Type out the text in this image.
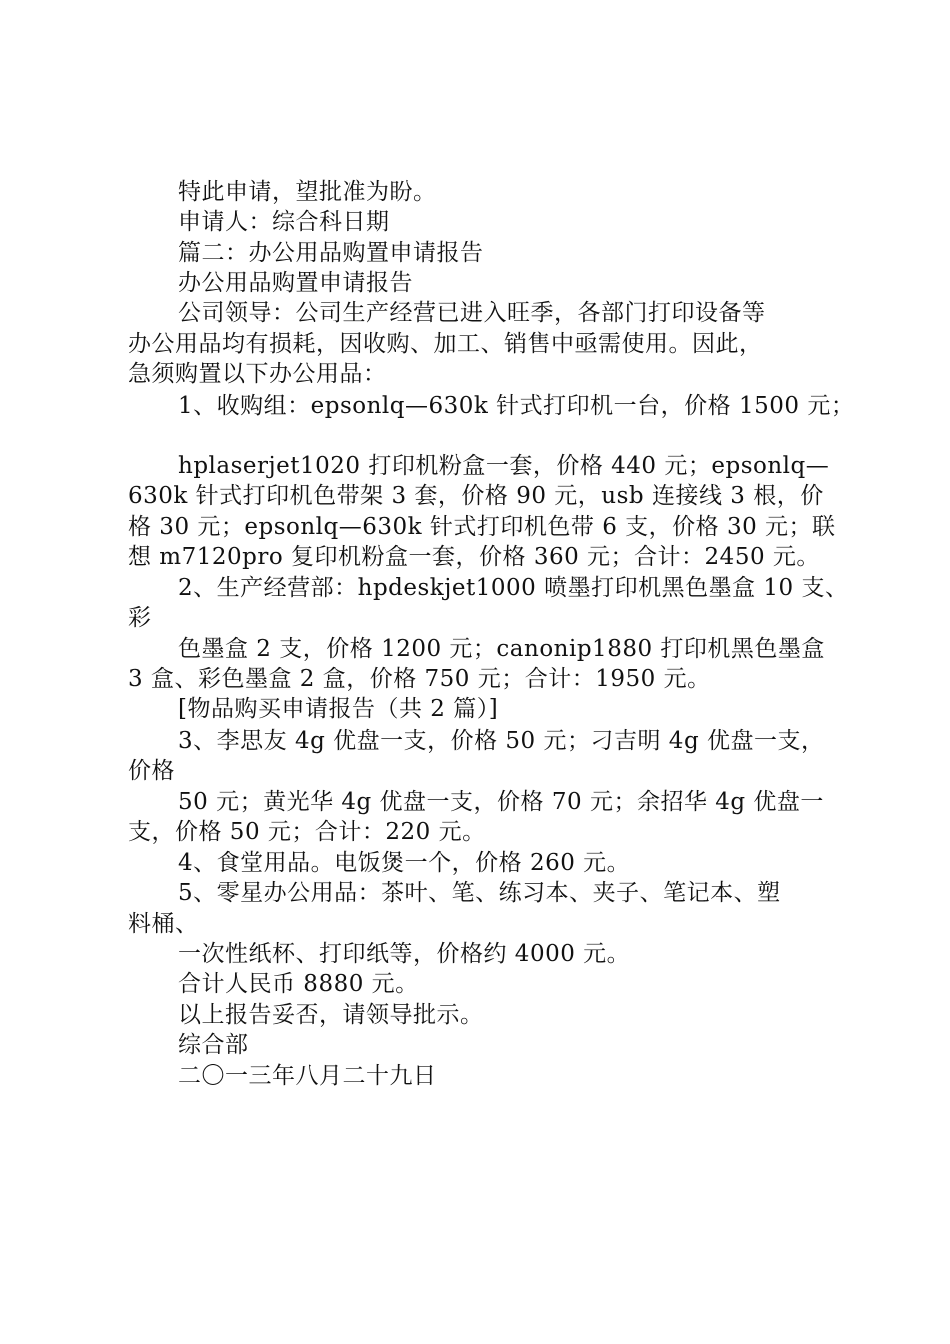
特此申请，望批准为盼。
申请人：综合科日期
篇二：办公用品购置申请报告
办公用品购置申请报告
公司领导：公司生产经营已进入旺季，各部门打印设备等
办公用品均有损耗，因收购、加工、销售中亟需使用。因此，
急须购置以下办公用品：
1、收购组：epsonlq—630k 针式打印机一台，价格 1500 元；
hplaserjet1020 打印机粉盒一套，价格 440 元；epsonlq—
630k 针式打印机色带架 3 套，价格 90 元，usb 连接线 3 根，价
格 30 元；epsonlq—630k 针式打印机色带 6 支，价格 30 元；联
想 m7120pro 复印机粉盒一套，价格 360 元；合计：2450 元。
2、生产经营部：hpdeskjet1000 喷墨打印机黑色墨盒 10 支、
彩
色墨盒 2 支，价格 1200 元；canonip1880 打印机黑色墨盒
3 盒、彩色墨盒 2 盒，价格 750 元；合计：1950 元。
[物品购买申请报告（共 2 篇）]
3、李思友 4g 优盘一支，价格 50 元；刁吉明 4g 优盘一支，
价格
50 元；黄光华 4g 优盘一支，价格 70 元；余招华 4g 优盘一
支，价格 50 元；合计：220 元。
4、食堂用品。电饭煲一个，价格 260 元。
5、零星办公用品：茶叶、笔、练习本、夹子、笔记本、塑
料桶、
一次性纸杯、打印纸等，价格约 4000 元。
合计人民币 8880 元。
以上报告妥否，请领导批示。
综合部
二〇一三年八月二十九日
